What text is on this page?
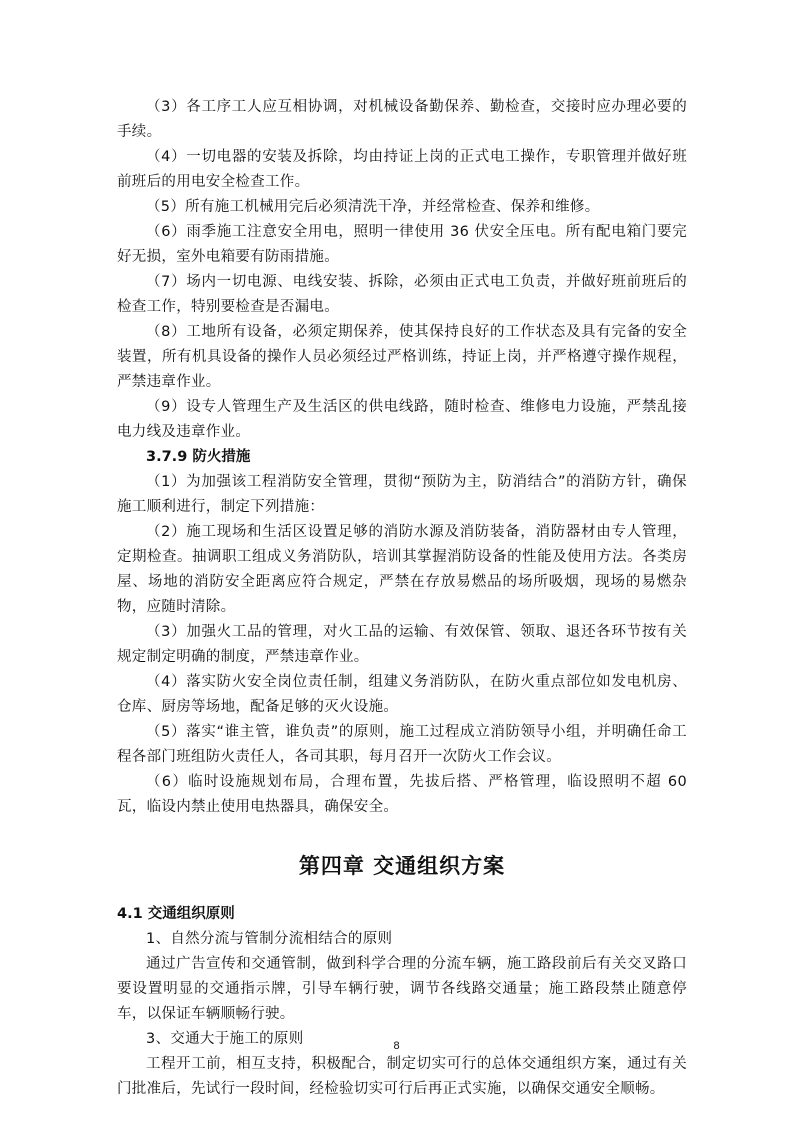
（3）各工序工人应互相协调，对机械设备勤保养、勤检查，交接时应办理必要的手续。

（4）一切电器的安装及拆除，均由持证上岗的正式电工操作，专职管理并做好班前班后的用电安全检查工作。

（5）所有施工机械用完后必须清洗干净，并经常检查、保养和维修。

（6）雨季施工注意安全用电，照明一律使用 36 伏安全压电。所有配电箱门要完好无损，室外电箱要有防雨措施。

（7）场内一切电源、电线安装、拆除，必须由正式电工负责，并做好班前班后的检查工作，特别要检查是否漏电。

（8）工地所有设备，必须定期保养，使其保持良好的工作状态及具有完备的安全装置，所有机具设备的操作人员必须经过严格训练，持证上岗，并严格遵守操作规程，严禁违章作业。

（9）设专人管理生产及生活区的供电线路，随时检查、维修电力设施，严禁乱接电力线及违章作业。

3.7.9 防火措施

（1）为加强该工程消防安全管理，贯彻“预防为主，防消结合”的消防方针，确保施工顺利进行，制定下列措施：

（2）施工现场和生活区设置足够的消防水源及消防装备，消防器材由专人管理，定期检查。抽调职工组成义务消防队，培训其掌握消防设备的性能及使用方法。各类房屋、场地的消防安全距离应符合规定，严禁在存放易燃品的场所吸烟，现场的易燃杂物，应随时清除。

（3）加强火工品的管理，对火工品的运输、有效保管、领取、退还各环节按有关规定制定明确的制度，严禁违章作业。

（4）落实防火安全岗位责任制，组建义务消防队，在防火重点部位如发电机房、仓库、厨房等场地，配备足够的灭火设施。

（5）落实“谁主管，谁负责”的原则，施工过程成立消防领导小组，并明确任命工程各部门班组防火责任人，各司其职，每月召开一次防火工作会议。

（6）临时设施规划布局，合理布置，先拔后搭、严格管理，临设照明不超 60 瓦，临设内禁止使用电热器具，确保安全。

第四章 交通组织方案

4.1 交通组织原则

1、自然分流与管制分流相结合的原则

通过广告宣传和交通管制，做到科学合理的分流车辆，施工路段前后有关交叉路口要设置明显的交通指示牌，引导车辆行驶，调节各线路交通量；施工路段禁止随意停车，以保证车辆顺畅行驶。

3、交通大于施工的原则

工程开工前，相互支持，积极配合，制定切实可行的总体交通组织方案，通过有关门批准后，先试行一段时间，经检验切实可行后再正式实施，以确保交通安全顺畅。

8
